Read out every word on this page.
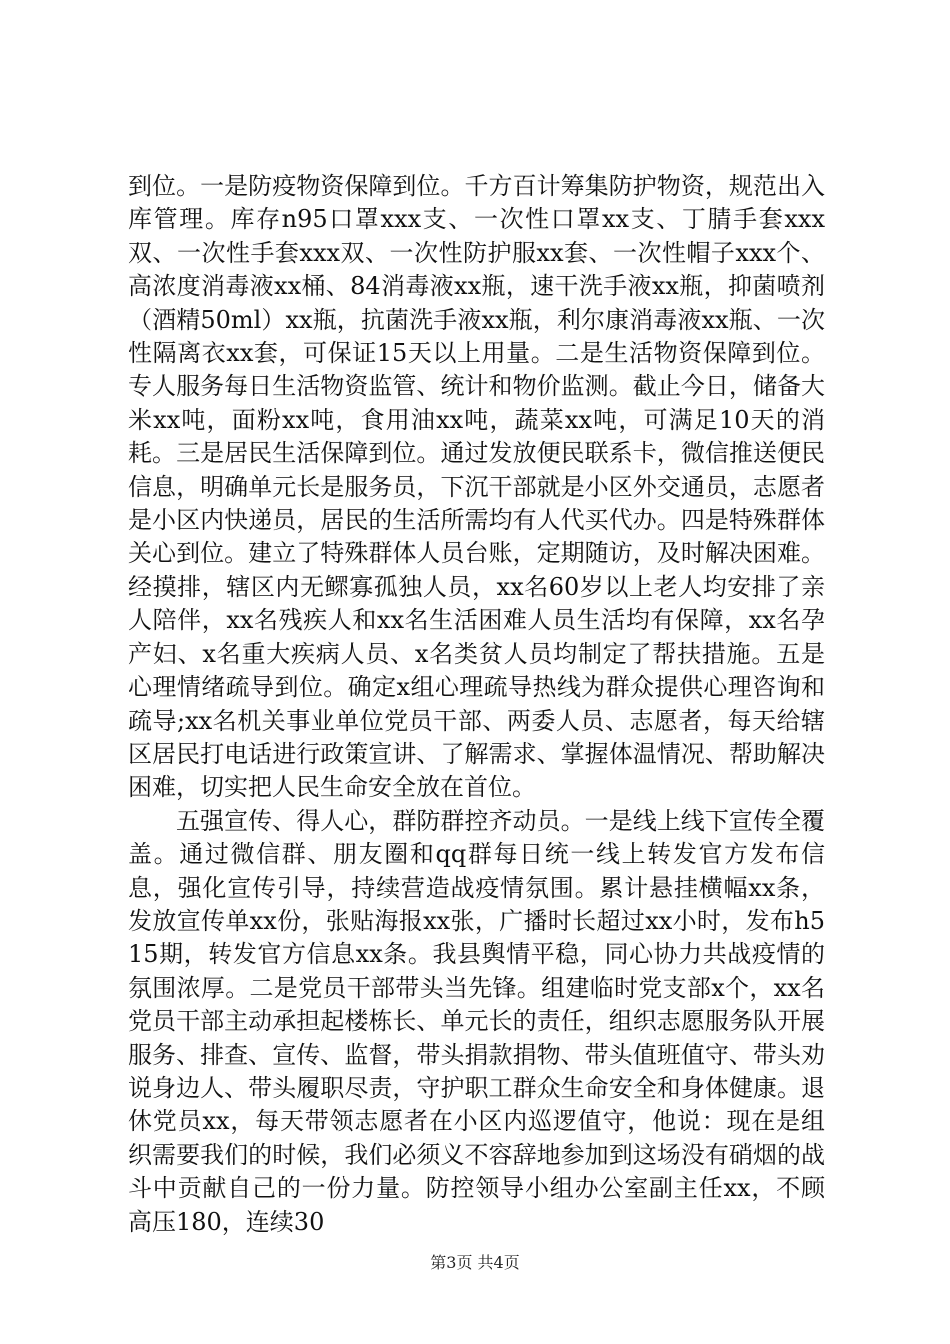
到位。一是防疫物资保障到位。千方百计筹集防护物资，规范出入库管理。库存n95口罩xxx支、一次性口罩xx支、丁腈手套xxx双、一次性手套xxx双、一次性防护服xx套、一次性帽子xxx个、高浓度消毒液xx桶、84消毒液xx瓶，速干洗手液xx瓶，抑菌喷剂（酒精50ml）xx瓶，抗菌洗手液xx瓶，利尔康消毒液xx瓶、一次性隔离衣xx套，可保证15天以上用量。二是生活物资保障到位。专人服务每日生活物资监管、统计和物价监测。截止今日，储备大米xx吨，面粉xx吨，食用油xx吨，蔬菜xx吨，可满足10天的消耗。三是居民生活保障到位。通过发放便民联系卡，微信推送便民信息，明确单元长是服务员，下沉干部就是小区外交通员，志愿者是小区内快递员，居民的生活所需均有人代买代办。四是特殊群体关心到位。建立了特殊群体人员台账，定期随访，及时解决困难。经摸排，辖区内无鳏寡孤独人员，xx名60岁以上老人均安排了亲人陪伴，xx名残疾人和xx名生活困难人员生活均有保障，xx名孕产妇、x名重大疾病人员、x名类贫人员均制定了帮扶措施。五是心理情绪疏导到位。确定x组心理疏导热线为群众提供心理咨询和疏导;xx名机关事业单位党员干部、两委人员、志愿者，每天给辖区居民打电话进行政策宣讲、了解需求、掌握体温情况、帮助解决困难，切实把人民生命安全放在首位。

五强宣传、得人心，群防群控齐动员。一是线上线下宣传全覆盖。通过微信群、朋友圈和qq群每日统一线上转发官方发布信息，强化宣传引导，持续营造战疫情氛围。累计悬挂横幅xx条，发放宣传单xx份，张贴海报xx张，广播时长超过xx小时，发布h515期，转发官方信息xx条。我县舆情平稳，同心协力共战疫情的氛围浓厚。二是党员干部带头当先锋。组建临时党支部x个，xx名党员干部主动承担起楼栋长、单元长的责任，组织志愿服务队开展服务、排查、宣传、监督，带头捐款捐物、带头值班值守、带头劝说身边人、带头履职尽责，守护职工群众生命安全和身体健康。退休党员xx，每天带领志愿者在小区内巡逻值守，他说：现在是组织需要我们的时候，我们必须义不容辞地参加到这场没有硝烟的战斗中贡献自己的一份力量。防控领导小组办公室副主任xx，不顾高压180，连续30

第3页 共4页
